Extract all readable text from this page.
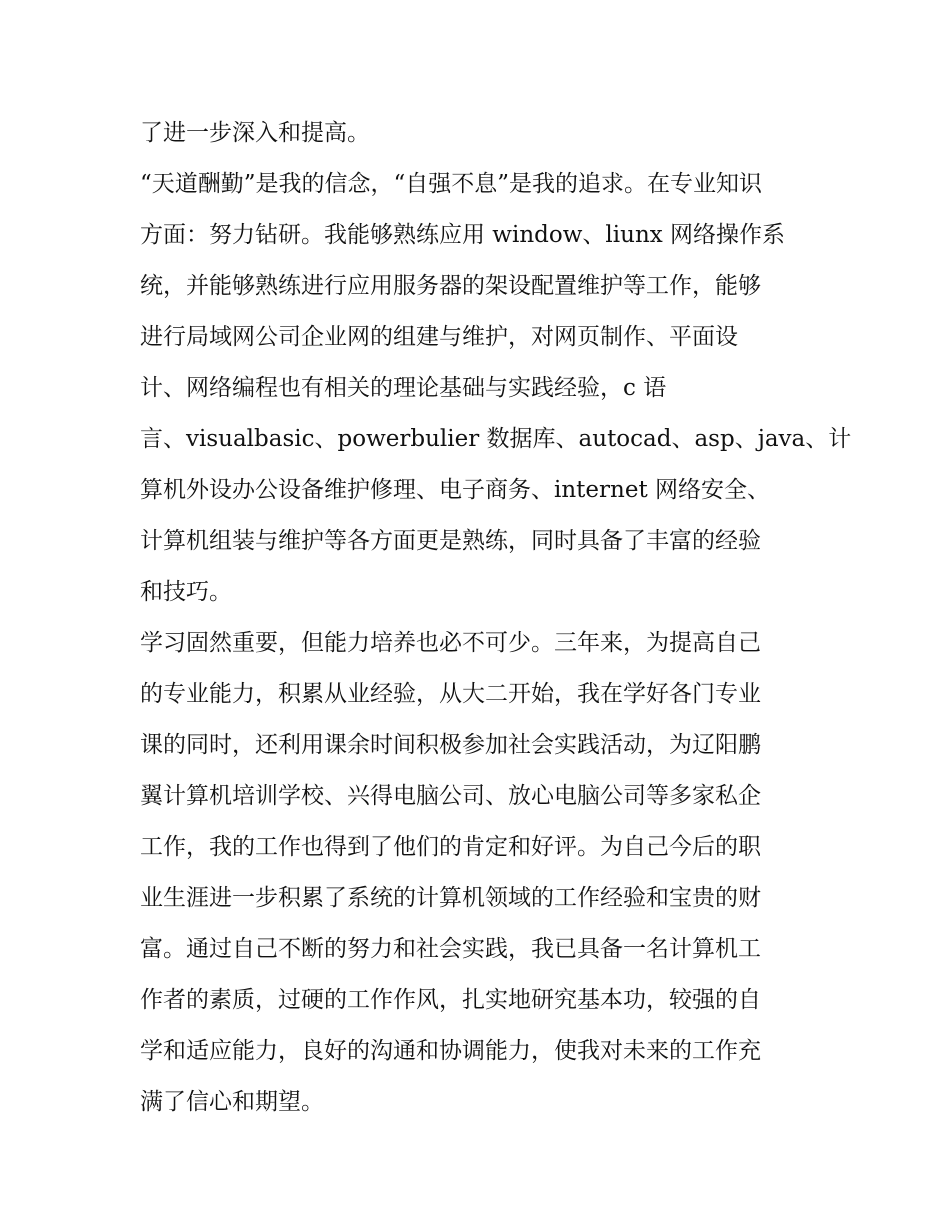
了进一步深入和提高。
“天道酬勤”是我的信念，“自强不息”是我的追求。在专业知识
方面：努力钻研。我能够熟练应用 window、liunx 网络操作系
统，并能够熟练进行应用服务器的架设配置维护等工作，能够
进行局域网公司企业网的组建与维护，对网页制作、平面设
计、网络编程也有相关的理论基础与实践经验，c 语
言、visualbasic、powerbulier 数据库、autocad、asp、java、计
算机外设办公设备维护修理、电子商务、internet 网络安全、
计算机组装与维护等各方面更是熟练，同时具备了丰富的经验
和技巧。
学习固然重要，但能力培养也必不可少。三年来，为提高自己
的专业能力，积累从业经验，从大二开始，我在学好各门专业
课的同时，还利用课余时间积极参加社会实践活动，为辽阳鹏
翼计算机培训学校、兴得电脑公司、放心电脑公司等多家私企
工作，我的工作也得到了他们的肯定和好评。为自己今后的职
业生涯进一步积累了系统的计算机领域的工作经验和宝贵的财
富。通过自己不断的努力和社会实践，我已具备一名计算机工
作者的素质，过硬的工作作风，扎实地研究基本功，较强的自
学和适应能力，良好的沟通和协调能力，使我对未来的工作充
满了信心和期望。
